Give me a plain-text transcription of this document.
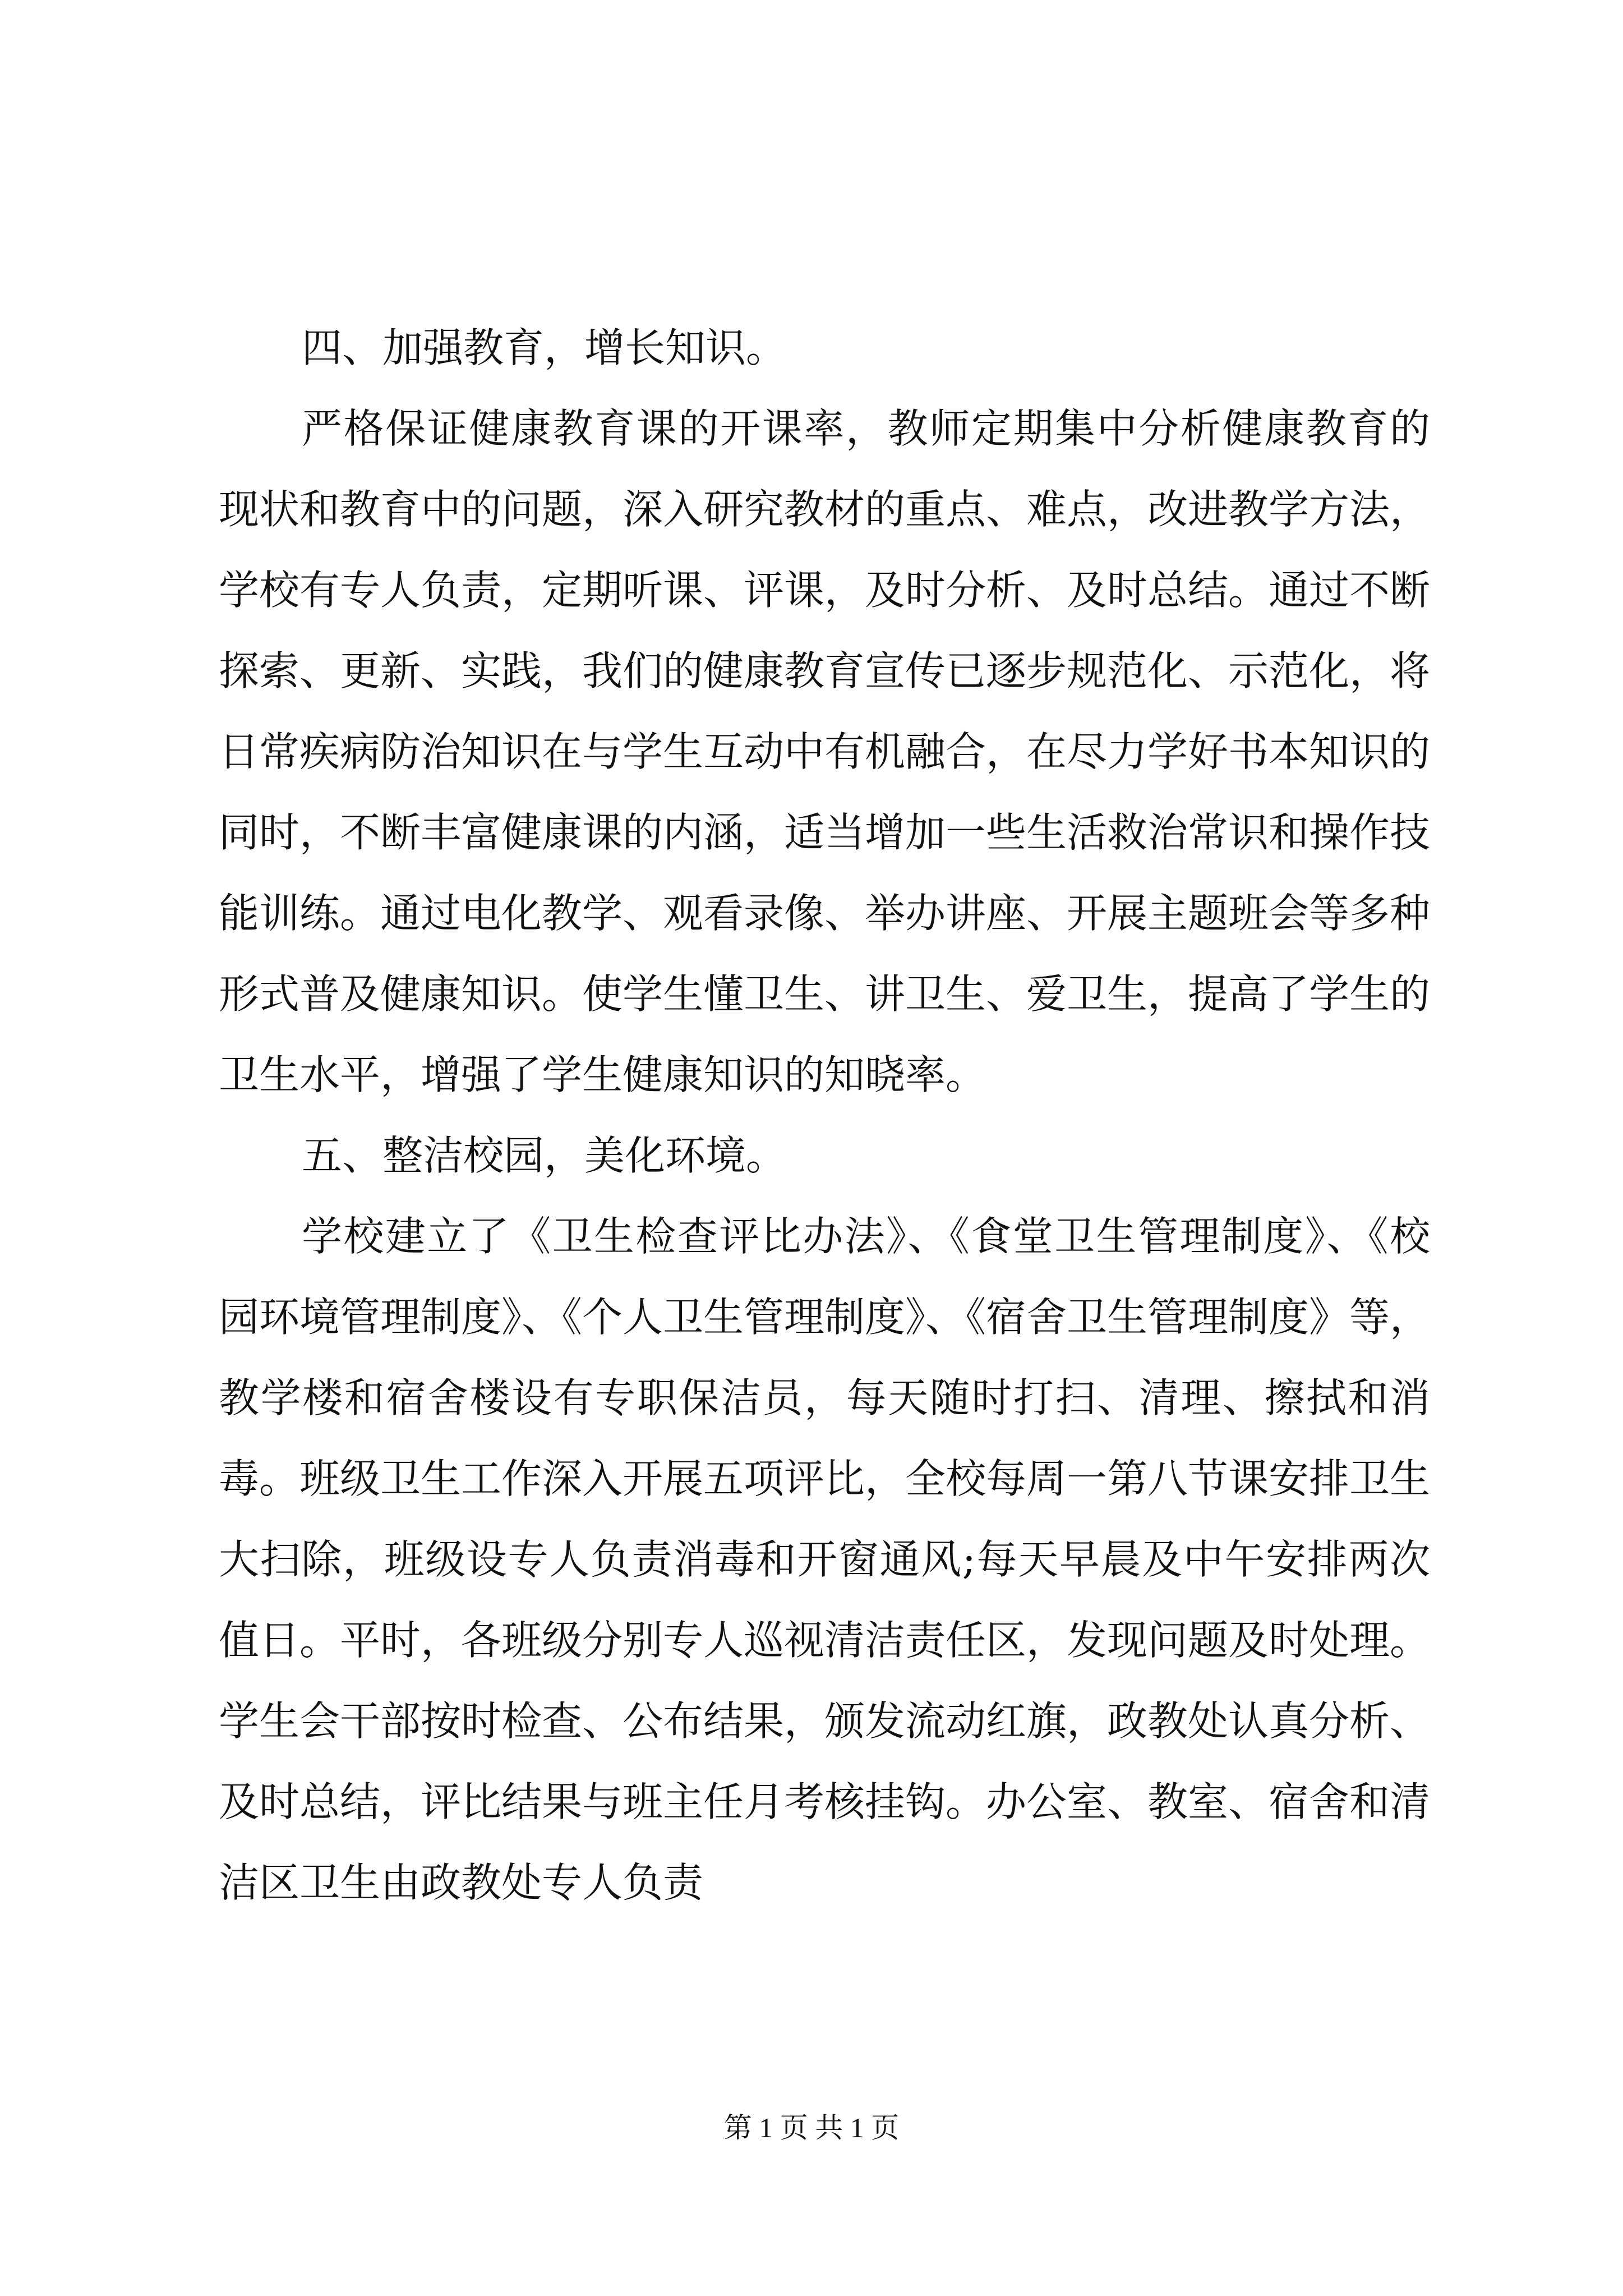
四、加强教育，增长知识。

严格保证健康教育课的开课率，教师定期集中分析健康教育的现状和教育中的问题，深入研究教材的重点、难点，改进教学方法，学校有专人负责，定期听课、评课，及时分析、及时总结。通过不断探索、更新、实践，我们的健康教育宣传已逐步规范化、示范化，将日常疾病防治知识在与学生互动中有机融合，在尽力学好书本知识的同时，不断丰富健康课的内涵，适当增加一些生活救治常识和操作技能训练。通过电化教学、观看录像、举办讲座、开展主题班会等多种形式普及健康知识。使学生懂卫生、讲卫生、爱卫生，提高了学生的卫生水平，增强了学生健康知识的知晓率。

五、整洁校园，美化环境。

学校建立了《卫生检查评比办法》、《食堂卫生管理制度》、《校园环境管理制度》、《个人卫生管理制度》、《宿舍卫生管理制度》等，教学楼和宿舍楼设有专职保洁员，每天随时打扫、清理、擦拭和消毒。班级卫生工作深入开展五项评比，全校每周一第八节课安排卫生大扫除，班级设专人负责消毒和开窗通风;每天早晨及中午安排两次值日。平时，各班级分别专人巡视清洁责任区，发现问题及时处理。学生会干部按时检查、公布结果，颁发流动红旗，政教处认真分析、及时总结，评比结果与班主任月考核挂钩。办公室、教室、宿舍和清洁区卫生由政教处专人负责

第 1 页 共 1 页
